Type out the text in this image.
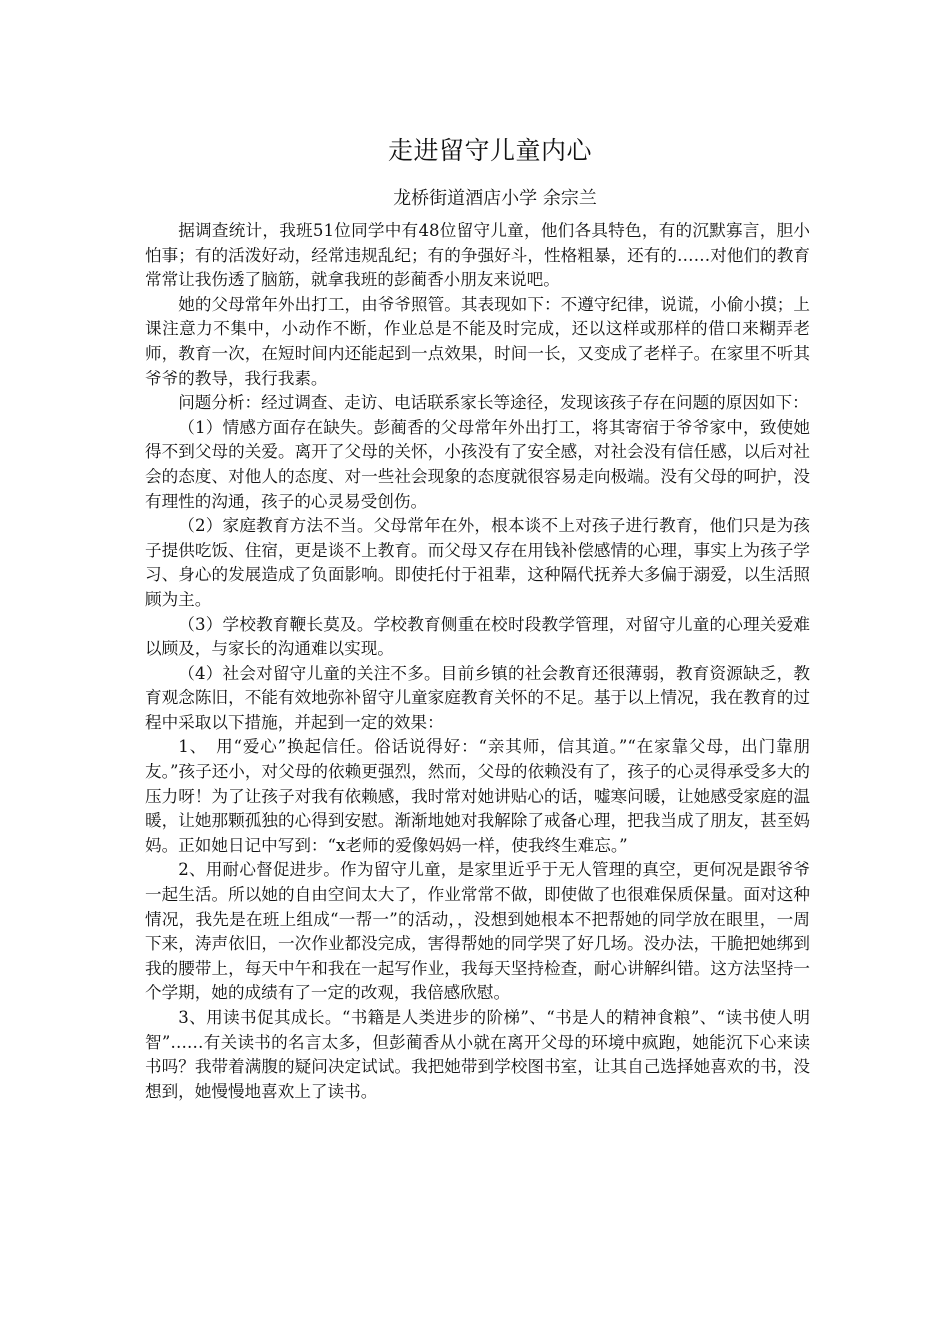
走进留守儿童内心
龙桥街道酒店小学 余宗兰

据调查统计，我班51位同学中有48位留守儿童，他们各具特色，有的沉默寡言，胆小怕事；有的活泼好动，经常违规乱纪；有的争强好斗，性格粗暴，还有的……对他们的教育常常让我伤透了脑筋，就拿我班的彭蔺香小朋友来说吧。

她的父母常年外出打工，由爷爷照管。其表现如下：不遵守纪律，说谎，小偷小摸；上课注意力不集中，小动作不断，作业总是不能及时完成，还以这样或那样的借口来糊弄老师，教育一次，在短时间内还能起到一点效果，时间一长，又变成了老样子。在家里不听其爷爷的教导，我行我素。

问题分析：经过调查、走访、电话联系家长等途径，发现该孩子存在问题的原因如下：

（1）情感方面存在缺失。彭蔺香的父母常年外出打工，将其寄宿于爷爷家中，致使她得不到父母的关爱。离开了父母的关怀，小孩没有了安全感，对社会没有信任感，以后对社会的态度、对他人的态度、对一些社会现象的态度就很容易走向极端。没有父母的呵护，没有理性的沟通，孩子的心灵易受创伤。

（2）家庭教育方法不当。父母常年在外，根本谈不上对孩子进行教育，他们只是为孩子提供吃饭、住宿，更是谈不上教育。而父母又存在用钱补偿感情的心理，事实上为孩子学习、身心的发展造成了负面影响。即使托付于祖辈，这种隔代抚养大多偏于溺爱，以生活照顾为主。

（3）学校教育鞭长莫及。学校教育侧重在校时段教学管理，对留守儿童的心理关爱难以顾及，与家长的沟通难以实现。

（4）社会对留守儿童的关注不多。目前乡镇的社会教育还很薄弱，教育资源缺乏，教育观念陈旧，不能有效地弥补留守儿童家庭教育关怀的不足。基于以上情况，我在教育的过程中采取以下措施，并起到一定的效果：

1、　用“爱心”换起信任。俗话说得好：“亲其师，信其道。”“在家靠父母，出门靠朋友。”孩子还小，对父母的依赖更强烈，然而，父母的依赖没有了，孩子的心灵得承受多大的压力呀！为了让孩子对我有依赖感，我时常对她讲贴心的话，嘘寒问暖，让她感受家庭的温暖，让她那颗孤独的心得到安慰。渐渐地她对我解除了戒备心理，把我当成了朋友，甚至妈妈。正如她日记中写到：“x老师的爱像妈妈一样，使我终生难忘。”

2、用耐心督促进步。作为留守儿童，是家里近乎于无人管理的真空，更何况是跟爷爷一起生活。所以她的自由空间太大了，作业常常不做，即使做了也很难保质保量。面对这种情况，我先是在班上组成“一帮一”的活动，，没想到她根本不把帮她的同学放在眼里，一周下来，涛声依旧，一次作业都没完成，害得帮她的同学哭了好几场。没办法，干脆把她绑到我的腰带上，每天中午和我在一起写作业，我每天坚持检查，耐心讲解纠错。这方法坚持一个学期，她的成绩有了一定的改观，我倍感欣慰。

3、用读书促其成长。“书籍是人类进步的阶梯”、“书是人的精神食粮”、“读书使人明智”……有关读书的名言太多，但彭蔺香从小就在离开父母的环境中疯跑，她能沉下心来读书吗？我带着满腹的疑问决定试试。我把她带到学校图书室，让其自己选择她喜欢的书，没想到，她慢慢地喜欢上了读书。
